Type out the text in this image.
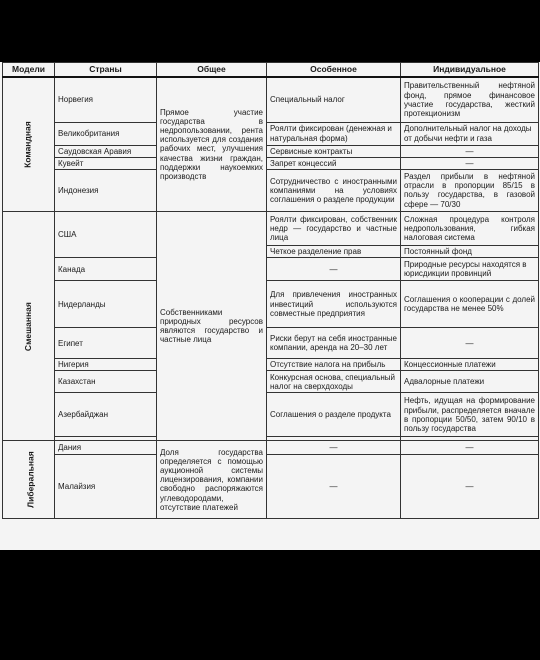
Модели	Страны	Общее	Особенное	Индивидуальное
Командная	Норвегия	Прямое участие государства в недропользовании, рента используется для создания рабочих мест, улучшения качества жизни граждан, поддержки наукоемких производств	Специальный налог	Правительственный нефтяной фонд, прямое финансовое участие государства, жесткий протекционизм
	Великобритания		Роялти фиксирован (денежная и натуральная форма)	Дополнительный налог на доходы от добычи нефти и газа
	Саудовская Аравия		Сервисные контракты	—
	Кувейт		Запрет концессий	—
	Индонезия		Сотрудничество с иностранными компаниями на условиях соглашения о разделе продукции	Раздел прибыли в нефтяной отрасли в пропорции 85/15 в пользу государства, в газовой сфере — 70/30
Смешанная	США	Собственниками природных ресурсов являются государство и частные лица	Роялти фиксирован, собственник недр — государство и частные лица	Сложная процедура контроля недропользования, гибкая налоговая система
			Четкое разделение прав	Постоянный фонд
	Канада		—	Природные ресурсы находятся в юрисдикции провинций
	Нидерланды		Для привлечения иностранных инвестиций используются совместные предприятия	Соглашения о кооперации с долей государства не менее 50%
	Египет		Риски берут на себя иностранные компании, аренда на 20–30 лет	—
	Нигерия		Отсутствие налога на прибыль	Концессионные платежи
	Казахстан		Конкурсная основа, специальный налог на сверхдоходы	Адвалорные платежи
	Азербайджан		Соглашения о разделе продукта	Нефть, идущая на формирование прибыли, распределяется вначале в пропорции 50/50, затем 90/10 в пользу государства

Либеральная	Дания	Доля государства определяется с помощью аукционной системы лицензирования, компании свободно распоряжаются углеводородами, отсутствие платежей	—	—
	Малайзия		—	—
